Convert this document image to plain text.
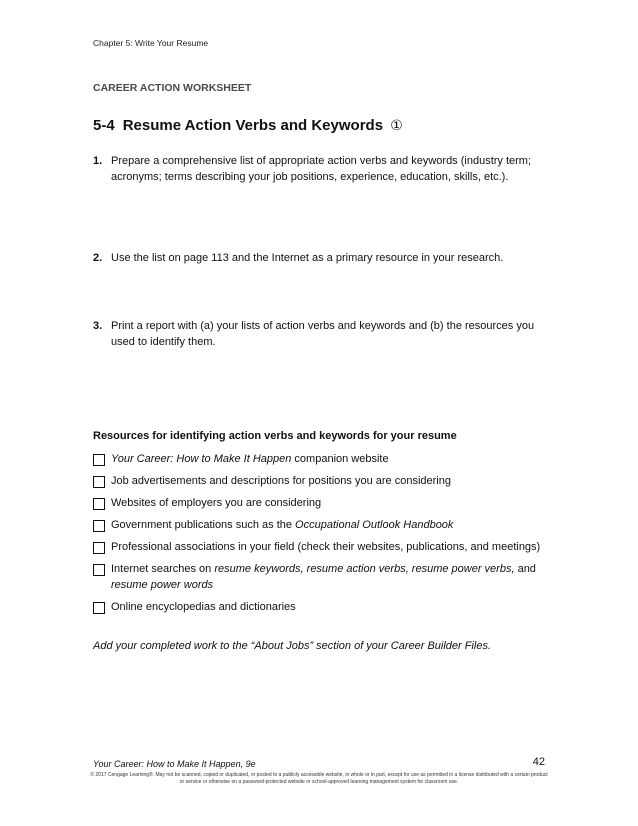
Chapter 5: Write Your Resume
CAREER ACTION WORKSHEET
5-4 Resume Action Verbs and Keywords ①
1. Prepare a comprehensive list of appropriate action verbs and keywords (industry term; acronyms; terms describing your job positions, experience, education, skills, etc.).
2. Use the list on page 113 and the Internet as a primary resource in your research.
3. Print a report with (a) your lists of action verbs and keywords and (b) the resources you used to identify them.
Resources for identifying action verbs and keywords for your resume
Your Career: How to Make It Happen companion website
Job advertisements and descriptions for positions you are considering
Websites of employers you are considering
Government publications such as the Occupational Outlook Handbook
Professional associations in your field (check their websites, publications, and meetings)
Internet searches on resume keywords, resume action verbs, resume power verbs, and resume power words
Online encyclopedias and dictionaries
Add your completed work to the “About Jobs” section of your Career Builder Files.
Your Career: How to Make It Happen, 9e	42
© 2017 Cengage Learning®. May not be scanned, copied or duplicated, or posted to a publicly accessible website, in whole or in part, except for use as permitted in a license distributed with a certain product or service or otherwise on a password-protected website or school-approved learning management system for classroom use.
